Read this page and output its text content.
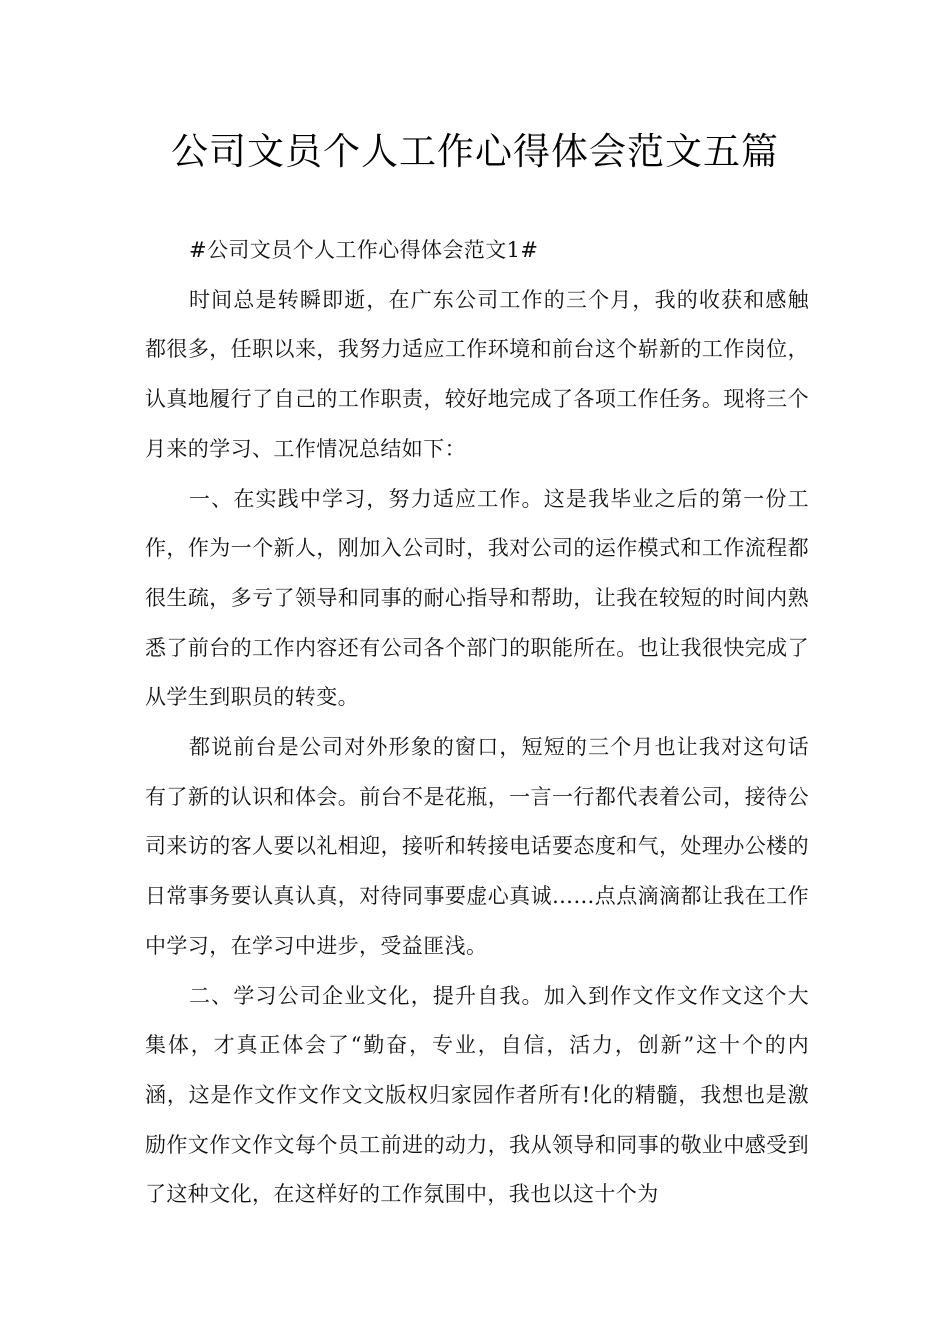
公司文员个人工作心得体会范文五篇

#公司文员个人工作心得体会范文1#

时间总是转瞬即逝，在广东公司工作的三个月，我的收获和感触都很多，任职以来，我努力适应工作环境和前台这个崭新的工作岗位，认真地履行了自己的工作职责，较好地完成了各项工作任务。现将三个月来的学习、工作情况总结如下：

一、在实践中学习，努力适应工作。这是我毕业之后的第一份工作，作为一个新人，刚加入公司时，我对公司的运作模式和工作流程都很生疏，多亏了领导和同事的耐心指导和帮助，让我在较短的时间内熟悉了前台的工作内容还有公司各个部门的职能所在。也让我很快完成了从学生到职员的转变。

都说前台是公司对外形象的窗口，短短的三个月也让我对这句话有了新的认识和体会。前台不是花瓶，一言一行都代表着公司，接待公司来访的客人要以礼相迎，接听和转接电话要态度和气，处理办公楼的日常事务要认真认真，对待同事要虚心真诚……点点滴滴都让我在工作中学习，在学习中进步，受益匪浅。

二、学习公司企业文化，提升自我。加入到作文作文作文这个大集体，才真正体会了“勤奋，专业，自信，活力，创新”这十个的内涵，这是作文作文作文文版权归家园作者所有!化的精髓，我想也是激励作文作文作文每个员工前进的动力，我从领导和同事的敬业中感受到了这种文化，在这样好的工作氛围中，我也以这十个为
